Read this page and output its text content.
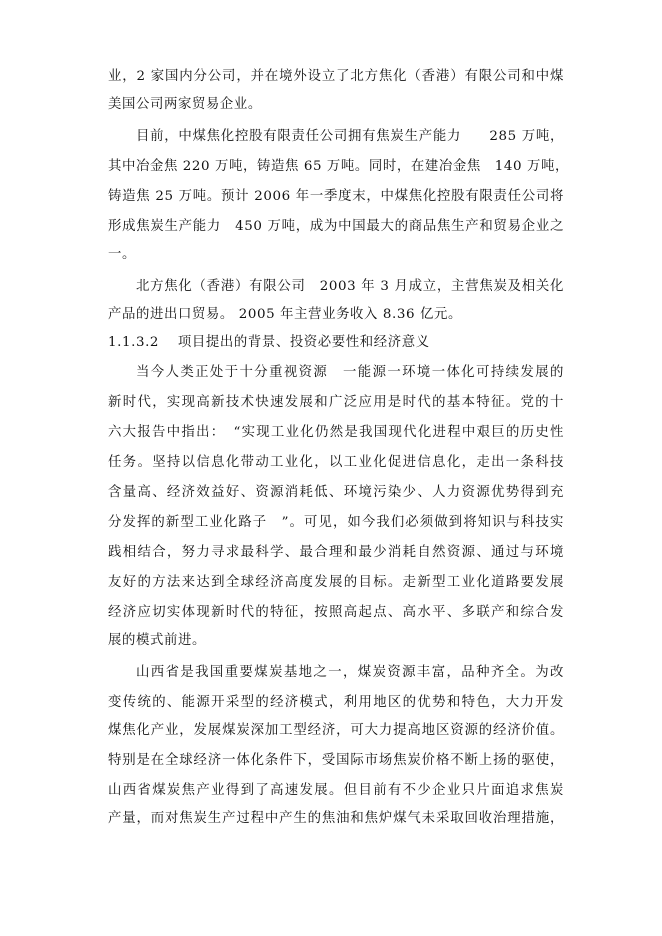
业，2 家国内分公司，并在境外设立了北方焦化（香港）有限公司和中煤
美国公司两家贸易企业。
目前，中煤焦化控股有限责任公司拥有焦炭生产能力　　285 万吨，
其中冶金焦 220 万吨，铸造焦 65 万吨。同时，在建冶金焦　140 万吨，
铸造焦 25 万吨。预计 2006 年一季度末，中煤焦化控股有限责任公司将
形成焦炭生产能力　450 万吨，成为中国最大的商品焦生产和贸易企业之
一。
北方焦化（香港）有限公司　2003 年 3 月成立，主营焦炭及相关化
产品的进出口贸易。 2005 年主营业务收入 8.36 亿元。
1.1.3.2　 项目提出的背景、投资必要性和经济意义
当今人类正处于十分重视资源　一能源一环境一体化可持续发展的
新时代，实现高新技术快速发展和广泛应用是时代的基本特征。党的十
六大报告中指出：　“实现工业化仍然是我国现代化进程中艰巨的历史性
任务。坚持以信息化带动工业化，以工业化促进信息化，走出一条科技
含量高、经济效益好、资源消耗低、环境污染少、人力资源优势得到充
分发挥的新型工业化路子　”。可见，如今我们必须做到将知识与科技实
践相结合，努力寻求最科学、最合理和最少消耗自然资源、通过与环境
友好的方法来达到全球经济高度发展的目标。走新型工业化道路要发展
经济应切实体现新时代的特征，按照高起点、高水平、多联产和综合发
展的模式前进。
山西省是我国重要煤炭基地之一，煤炭资源丰富，品种齐全。为改
变传统的、能源开采型的经济模式，利用地区的优势和特色，大力开发
煤焦化产业，发展煤炭深加工型经济，可大力提高地区资源的经济价值。
特别是在全球经济一体化条件下，受国际市场焦炭价格不断上扬的驱使，
山西省煤炭焦产业得到了高速发展。但目前有不少企业只片面追求焦炭
产量，而对焦炭生产过程中产生的焦油和焦炉煤气未采取回收治理措施，
